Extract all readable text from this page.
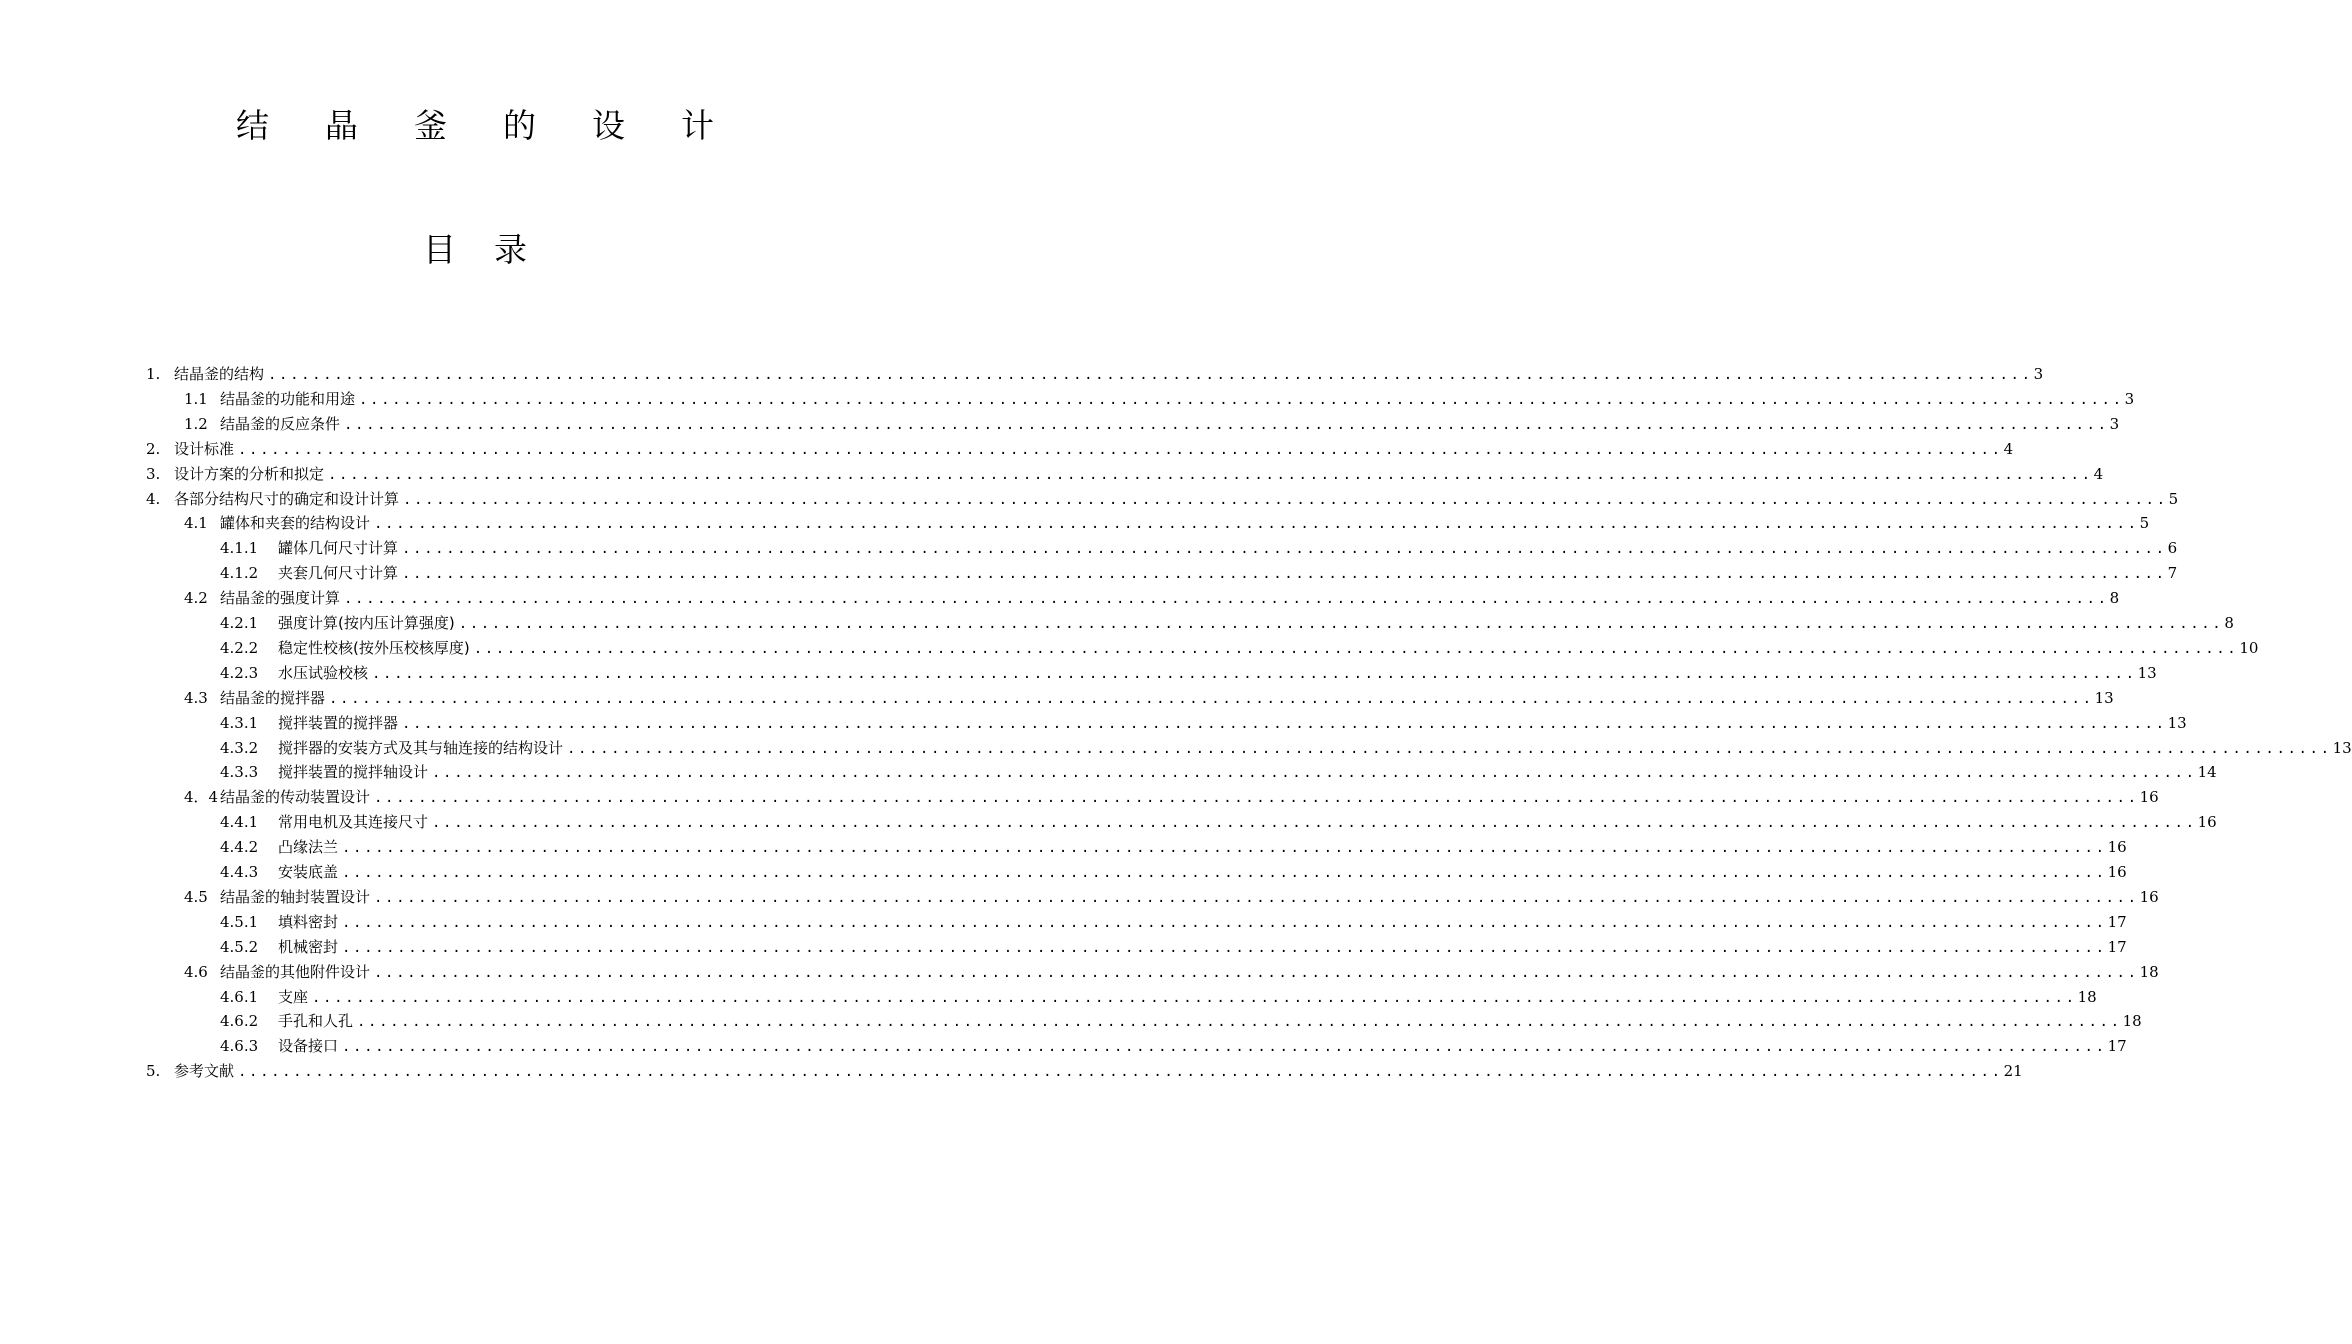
结晶釜的设计
目录
1. 结晶釜的结构 ................................................................................................................................................................ 3
1.1 结晶釜的功能和用途 ................................................................................................................................................................ 3
1.2 结晶釜的反应条件 ................................................................................................................................................................ 3
2. 设计标准 ................................................................................................................................................................ 4
3. 设计方案的分析和拟定 ................................................................................................................................................................ 4
4. 各部分结构尺寸的确定和设计计算 ................................................................................................................................................................ 5
4.1 罐体和夹套的结构设计 ................................................................................................................................................................ 5
4.1.1	罐体几何尺寸计算 ................................................................................................................................................................ 6
4.1.2	夹套几何尺寸计算 ................................................................................................................................................................ 7
4.2 结晶釜的强度计算 ................................................................................................................................................................ 8
4.2.1	强度计算(按内压计算强度) ................................................................................................................................................................ 8
4.2.2	稳定性校核(按外压校核厚度) ................................................................................................................................................................ 10
4.2.3	水压试验校核 ................................................................................................................................................................ 13
4.3 结晶釜的搅拌器 ................................................................................................................................................................ 13
4.3.1	搅拌装置的搅拌器 ................................................................................................................................................................ 13
4.3.2	搅拌器的安装方式及其与轴连接的结构设计 ................................................................................................................................................................ 13
4.3.3	搅拌装置的搅拌轴设计 ................................................................................................................................................................ 14
4．4 结晶釜的传动装置设计 ................................................................................................................................................................ 16
4.4.1	常用电机及其连接尺寸 ................................................................................................................................................................ 16
4.4.2	凸缘法兰 ................................................................................................................................................................ 16
4.4.3	安装底盖 ................................................................................................................................................................ 16
4.5 结晶釜的轴封装置设计 ................................................................................................................................................................ 16
4.5.1	填料密封 ................................................................................................................................................................ 17
4.5.2	机械密封 ................................................................................................................................................................ 17
4.6 结晶釜的其他附件设计 ................................................................................................................................................................ 18
4.6.1	支座 ................................................................................................................................................................ 18
4.6.2	手孔和人孔 ................................................................................................................................................................ 18
4.6.3	设备接口 ................................................................................................................................................................ 17
5. 参考文献 ................................................................................................................................................................ 21
